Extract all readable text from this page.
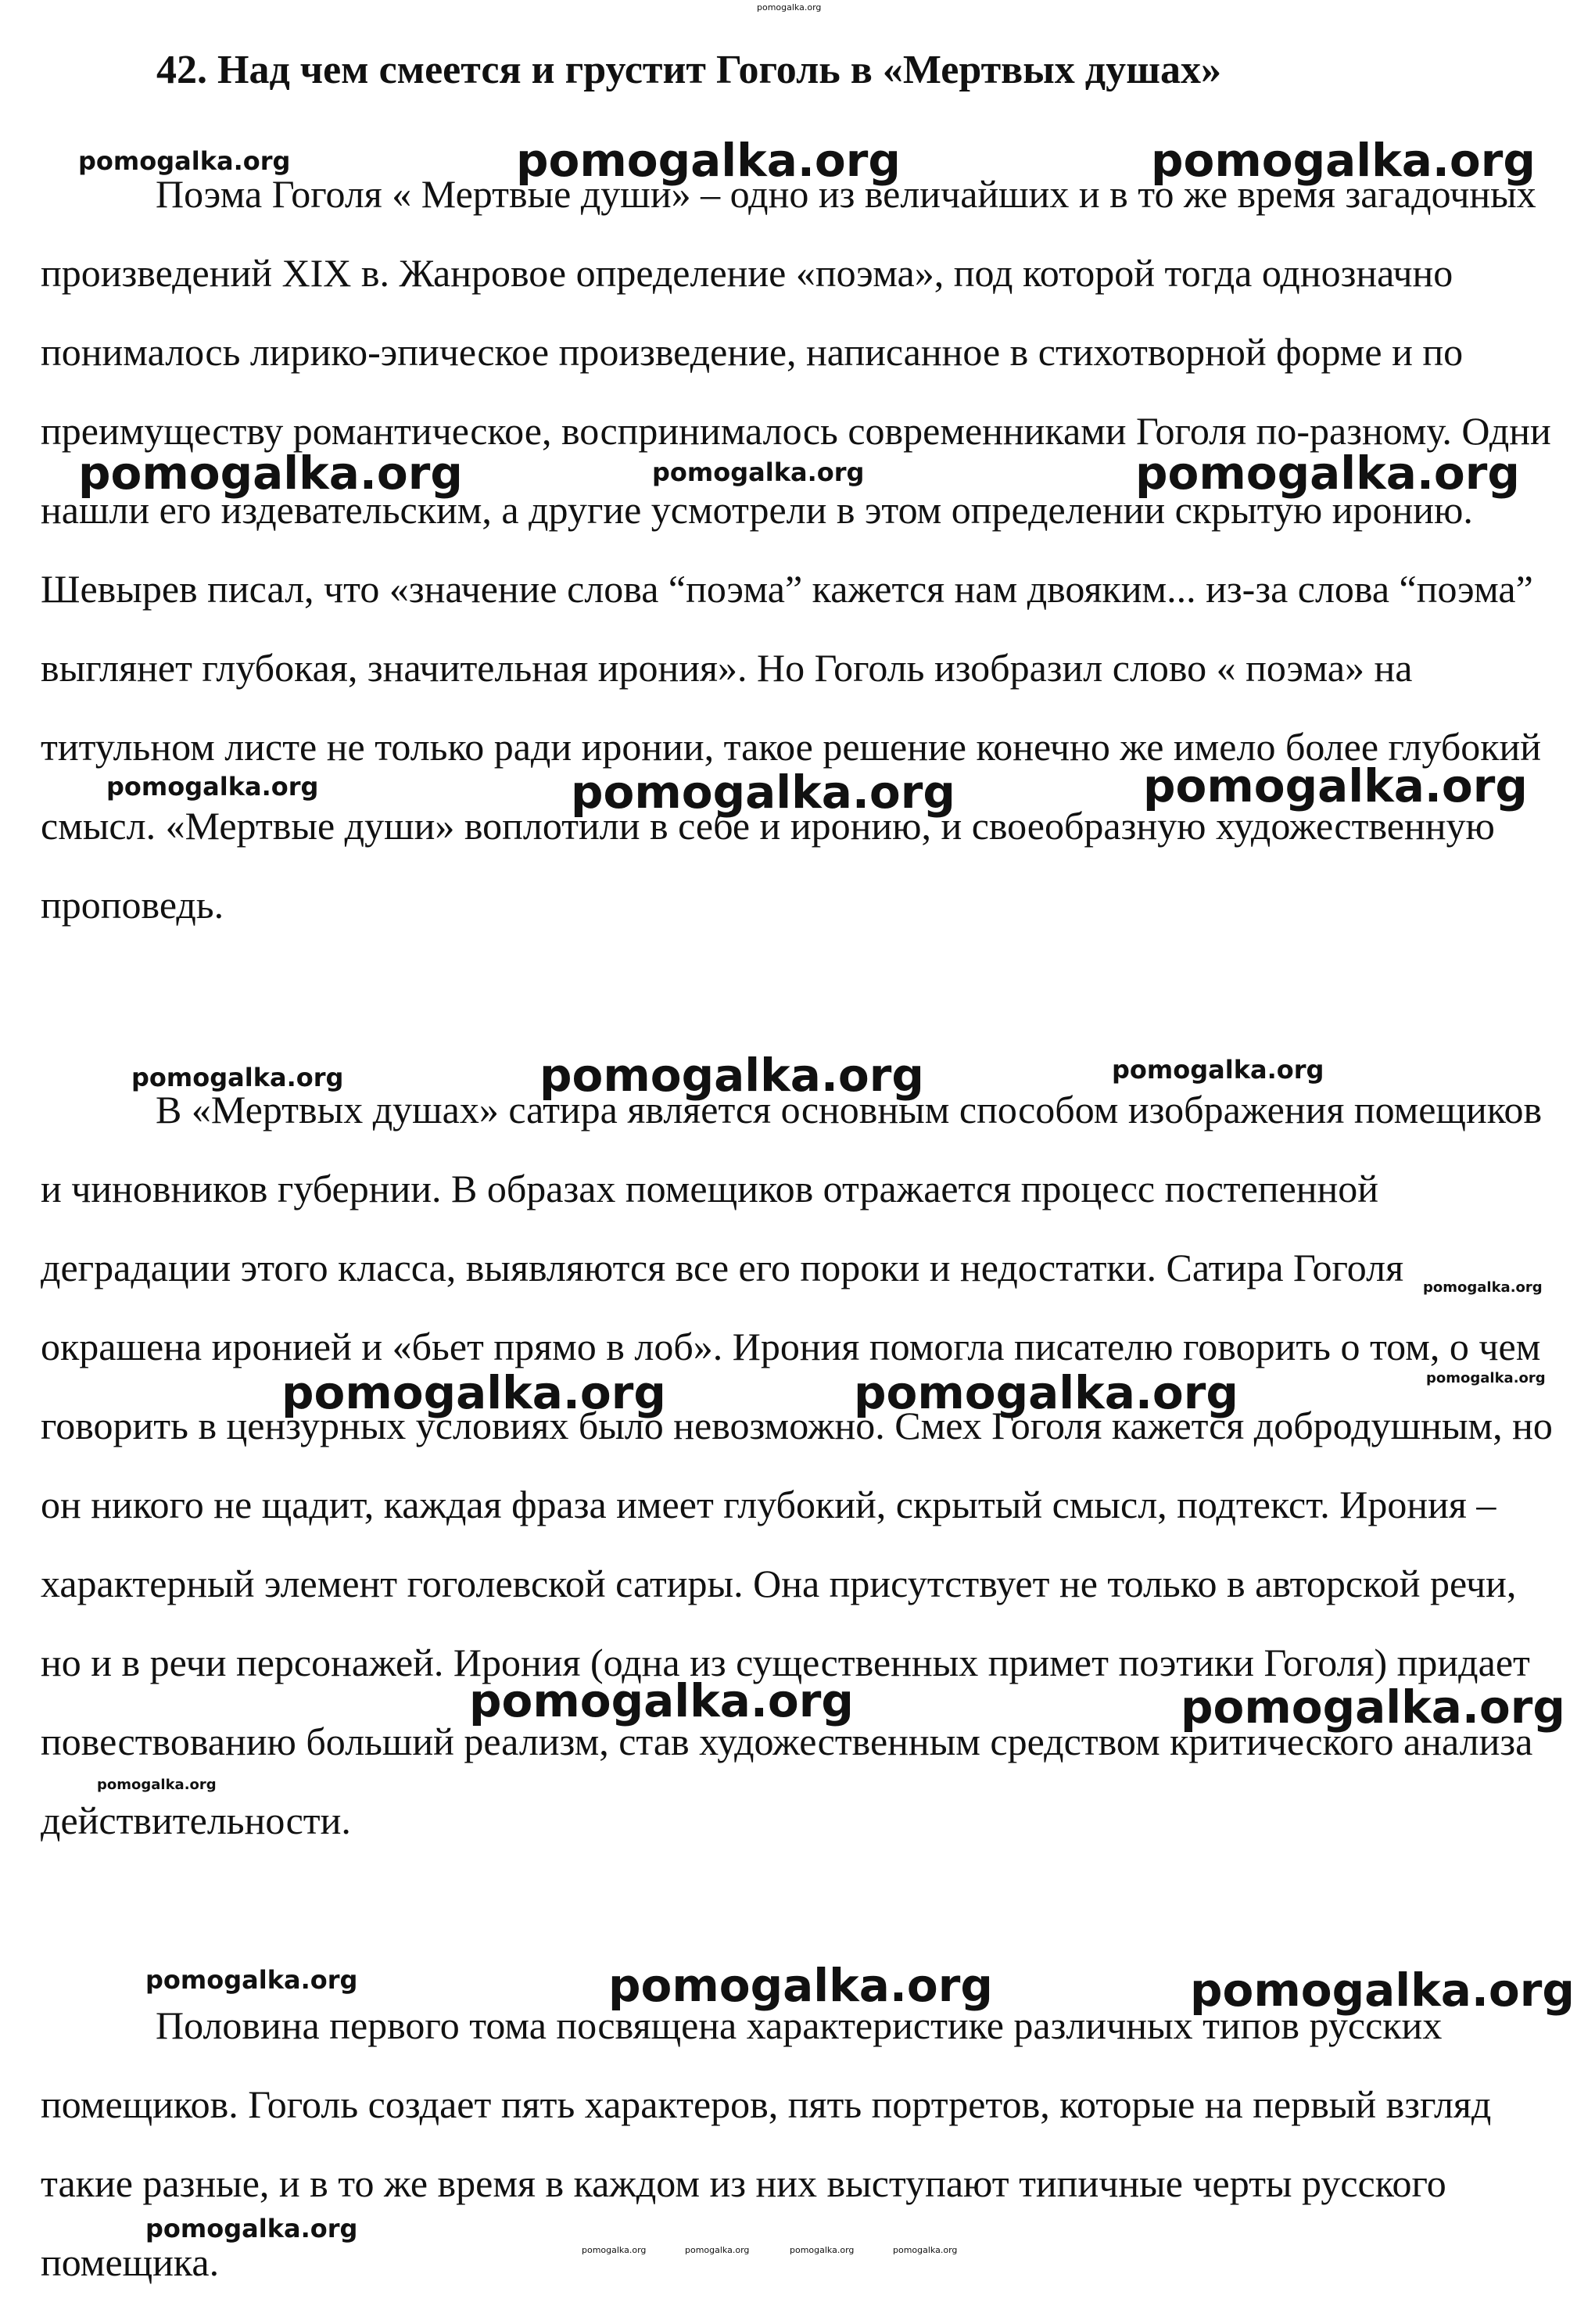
pomogalka.org
42. Над чем смеется и грустит Гоголь в «Мертвых душах»

Поэма Гоголя « Мертвые души» – одно из величайших и в то же время загадочных произведений XIX в. Жанровое определение «поэма», под которой тогда однозначно понималось лирико-эпическое произведение, написанное в стихотворной форме и по преимуществу романтическое, воспринималось современниками Гоголя по-разному. Одни нашли его издевательским, а другие усмотрели в этом определении скрытую иронию. Шевырев писал, что «значение слова “поэма” кажется нам двояким... из-за слова “поэма” выглянет глубокая, значительная ирония». Но Гоголь изобразил слово « поэма» на титульном листе не только ради иронии, такое решение конечно же имело более глубокий смысл. «Мертвые души» воплотили в себе и иронию, и своеобразную художественную проповедь.

В «Мертвых душах» сатира является основным способом изображения помещиков и чиновников губернии. В образах помещиков отражается процесс постепенной деградации этого класса, выявляются все его пороки и недостатки. Сатира Гоголя окрашена иронией и «бьет прямо в лоб». Ирония помогла писателю говорить о том, о чем говорить в цензурных условиях было невозможно. Смех Гоголя кажется добродушным, но он никого не щадит, каждая фраза имеет глубокий, скрытый смысл, подтекст. Ирония – характерный элемент гоголевской сатиры. Она присутствует не только в авторской речи, но и в речи персонажей. Ирония (одна из существенных примет поэтики Гоголя) придает повествованию больший реализм, став художественным средством критического анализа действительности.

Половина первого тома посвящена характеристике различных типов русских помещиков. Гоголь создает пять характеров, пять портретов, которые на первый взгляд такие разные, и в то же время в каждом из них выступают типичные черты русского помещика.

pomogalka.org	pomogalka.org	pomogalka.org
pomogalka.org	pomogalka.org	pomogalka.org
pomogalka.org	pomogalka.org	pomogalka.org
pomogalka.org	pomogalka.org	pomogalka.org
pomogalka.org
pomogalka.org
pomogalka.org	pomogalka.org
pomogalka.org	pomogalka.org
pomogalka.org
pomogalka.org	pomogalka.org	pomogalka.org
pomogalka.org
pomogalka.org	pomogalka.org	pomogalka.org	pomogalka.org
